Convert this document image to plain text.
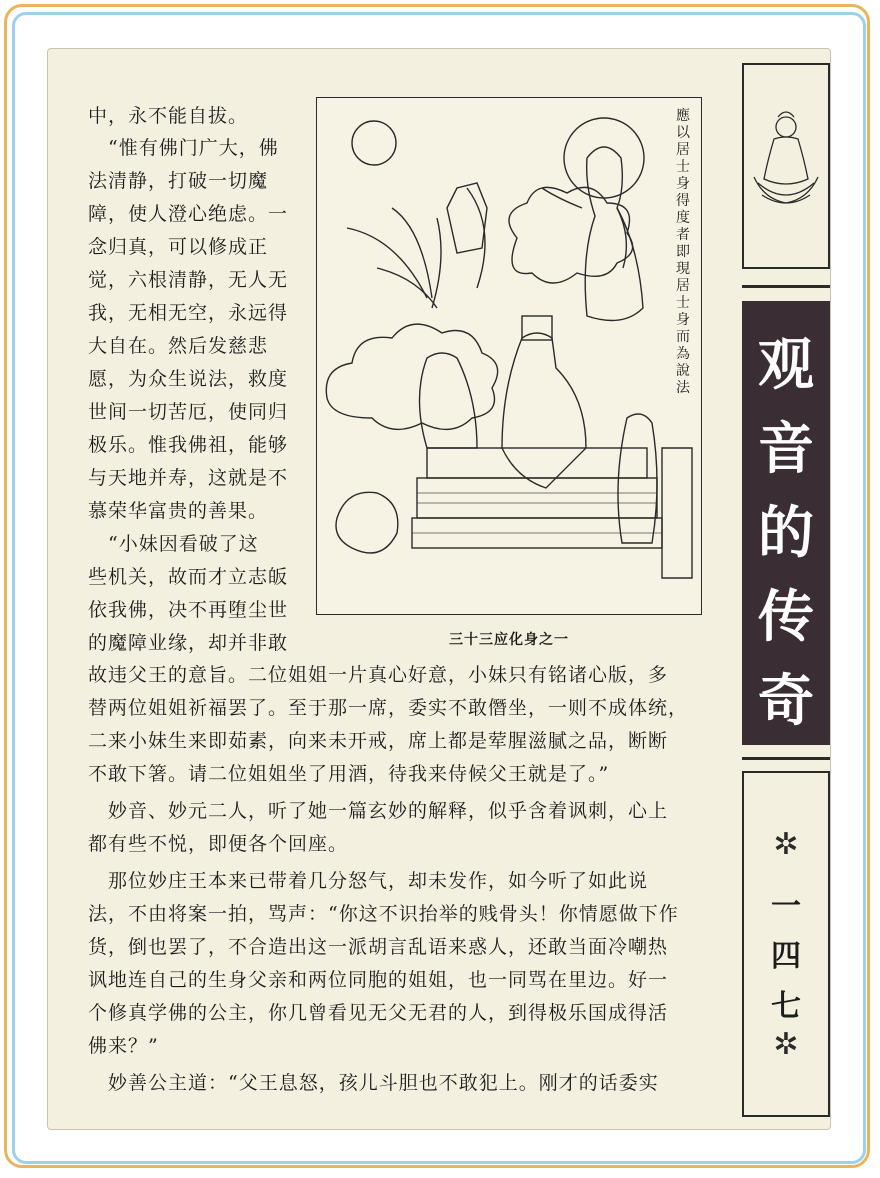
中，永不能自拔。
　“惟有佛门广大，佛
法清静，打破一切魔
障，使人澄心绝虑。一
念归真，可以修成正
觉，六根清静，无人无
我，无相无空，永远得
大自在。然后发慈悲
愿，为众生说法，救度
世间一切苦厄，使同归
极乐。惟我佛祖，能够
与天地并寿，这就是不
慕荣华富贵的善果。
　“小妹因看破了这
些机关，故而才立志皈
依我佛，决不再堕尘世
的魔障业缘，却并非敢
應以居士身得度者即現居士身而為說法
三十三应化身之一
故违父王的意旨。二位姐姐一片真心好意，小妹只有铭诸心版，多
替两位姐姐祈福罢了。至于那一席，委实不敢僭坐，一则不成体统，
二来小妹生来即茹素，向来未开戒，席上都是荤腥滋腻之品，断断
不敢下箸。请二位姐姐坐了用酒，待我来侍候父王就是了。”
　妙音、妙元二人，听了她一篇玄妙的解释，似乎含着讽刺，心上
都有些不悦，即便各个回座。
　那位妙庄王本来已带着几分怒气，却未发作，如今听了如此说
法，不由将案一拍，骂声：“你这不识抬举的贱骨头！你情愿做下作
货，倒也罢了，不合造出这一派胡言乱语来惑人，还敢当面冷嘲热
讽地连自己的生身父亲和两位同胞的姐姐，也一同骂在里边。好一
个修真学佛的公主，你几曾看见无父无君的人，到得极乐国成得活
佛来？”
　妙善公主道：“父王息怒，孩儿斗胆也不敢犯上。刚才的话委实
观
音
的
传
奇
✲
一
四
七
✲
